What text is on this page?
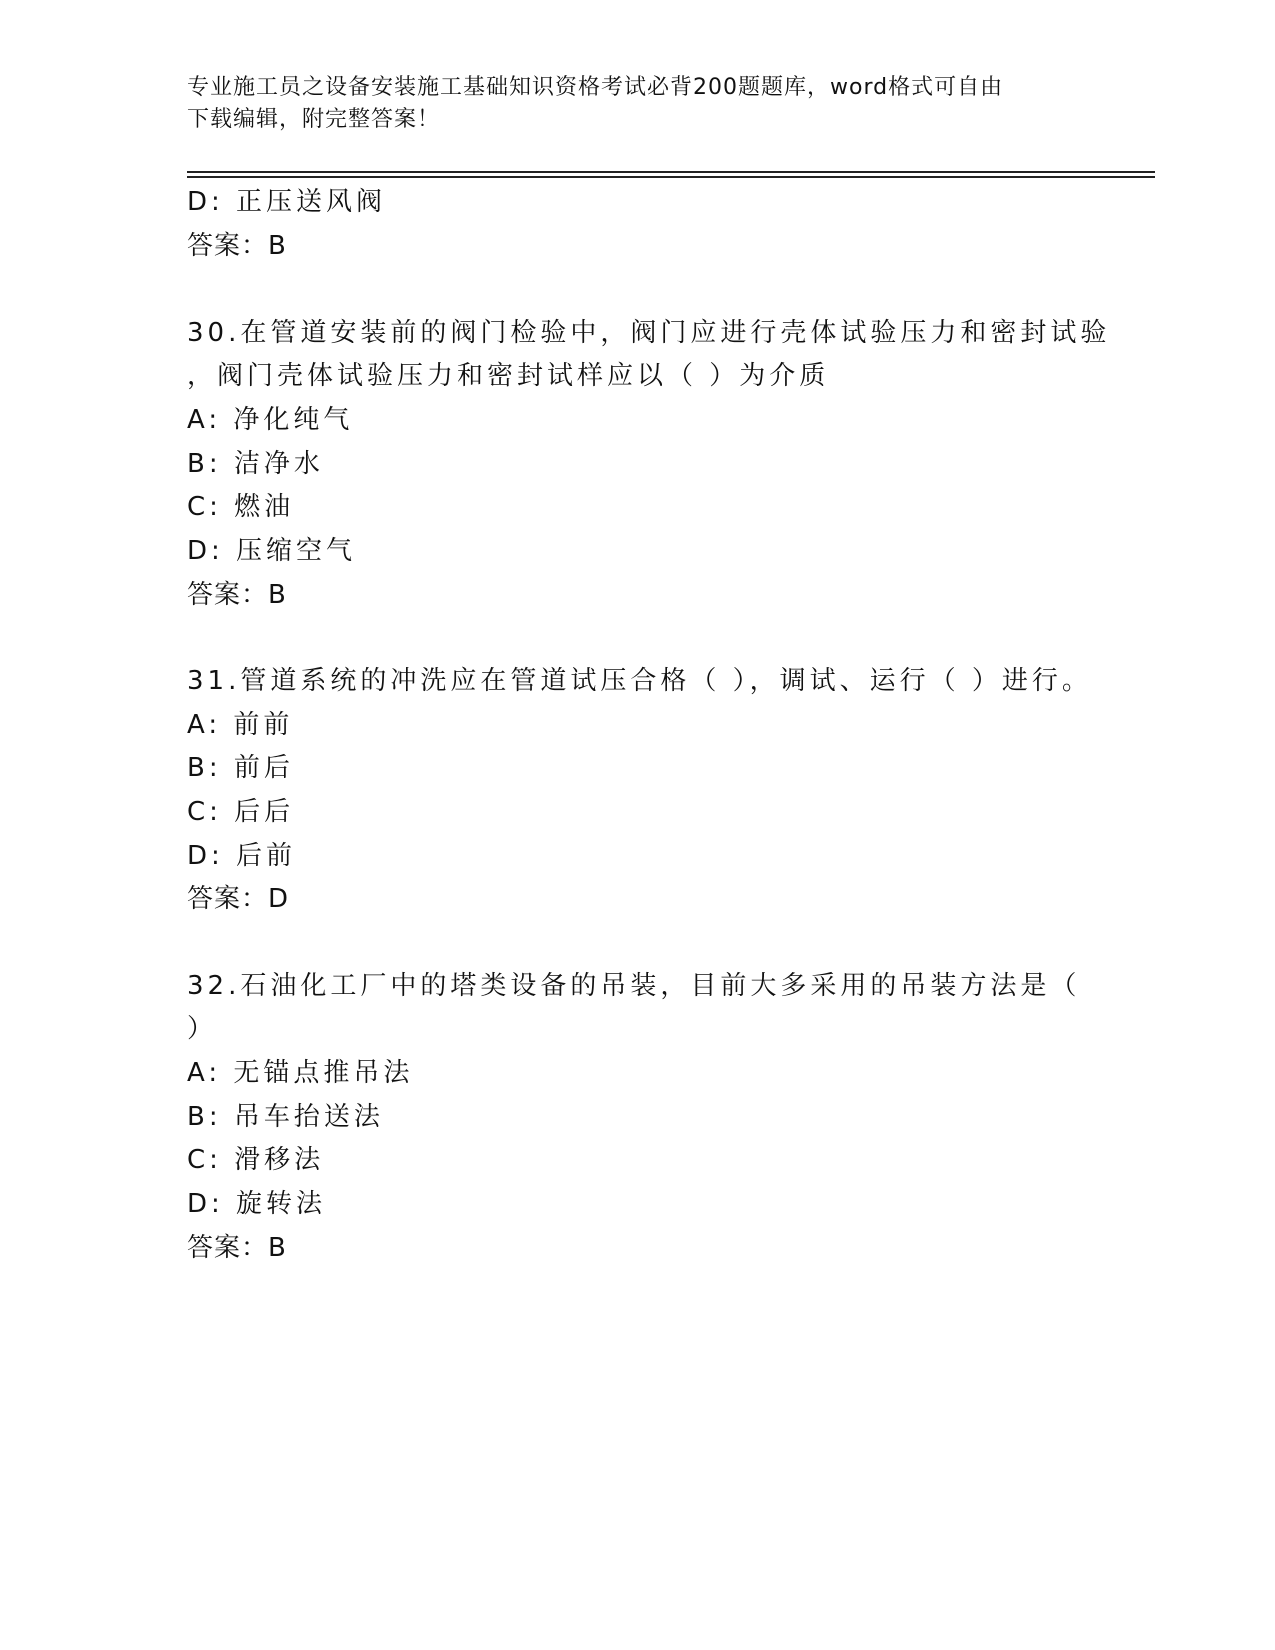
专业施工员之设备安装施工基础知识资格考试必背200题题库，word格式可自由
下载编辑，附完整答案！
D: 正压送风阀
答案：B
30.在管道安装前的阀门检验中，阀门应进行壳体试验压力和密封试验
，阀门壳体试验压力和密封试样应以（ ）为介质
A: 净化纯气
B: 洁净水
C: 燃油
D: 压缩空气
答案：B
31.管道系统的冲洗应在管道试压合格（ ），调试、运行（ ）进行。
A: 前前
B: 前后
C: 后后
D: 后前
答案：D
32.石油化工厂中的塔类设备的吊装，目前大多采用的吊装方法是（
）
A: 无锚点推吊法
B: 吊车抬送法
C: 滑移法
D: 旋转法
答案：B
